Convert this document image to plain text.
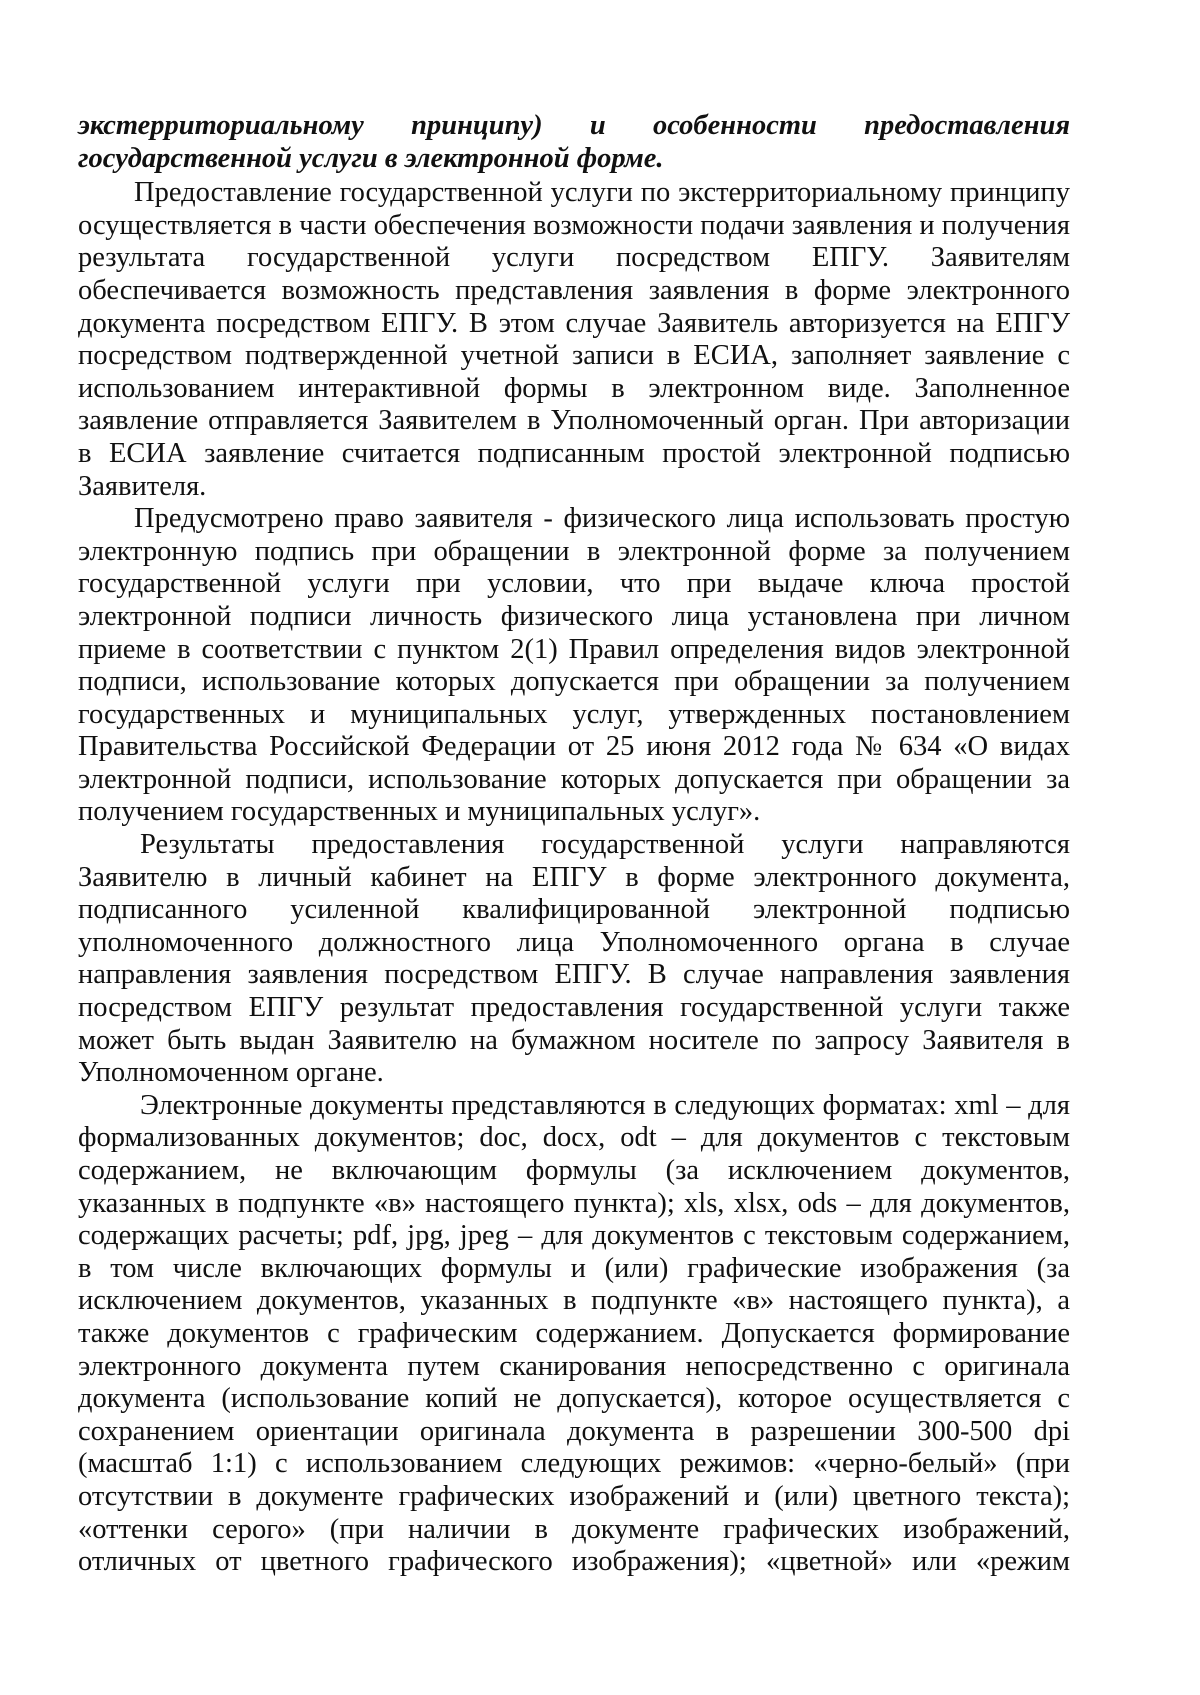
экстерриториальному принципу) и особенности предоставления
государственной услуги в электронной форме.

Предоставление государственной услуги по экстерриториальному принципу осуществляется в части обеспечения возможности подачи заявления и получения результата государственной услуги посредством ЕПГУ. Заявителям обеспечивается возможность представления заявления в форме электронного документа посредством ЕПГУ. В этом случае Заявитель авторизуется на ЕПГУ посредством подтвержденной учетной записи в ЕСИА, заполняет заявление с использованием интерактивной формы в электронном виде. Заполненное заявление отправляется Заявителем в Уполномоченный орган. При авторизации в ЕСИА заявление считается подписанным простой электронной подписью Заявителя.

Предусмотрено право заявителя - физического лица использовать простую электронную подпись при обращении в электронной форме за получением государственной услуги при условии, что при выдаче ключа простой электронной подписи личность физического лица установлена при личном приеме в соответствии с пунктом 2(1) Правил определения видов электронной подписи, использование которых допускается при обращении за получением государственных и муниципальных услуг, утвержденных постановлением Правительства Российской Федерации от 25 июня 2012 года № 634 «О видах электронной подписи, использование которых допускается при обращении за получением государственных и муниципальных услуг».

Результаты предоставления государственной услуги направляются Заявителю в личный кабинет на ЕПГУ в форме электронного документа, подписанного усиленной квалифицированной электронной подписью уполномоченного должностного лица Уполномоченного органа в случае направления заявления посредством ЕПГУ. В случае направления заявления посредством ЕПГУ результат предоставления государственной услуги также может быть выдан Заявителю на бумажном носителе по запросу Заявителя в Уполномоченном органе.

Электронные документы представляются в следующих форматах: xml – для формализованных документов; doc, docx, odt – для документов с текстовым содержанием, не включающим формулы (за исключением документов, указанных в подпункте «в» настоящего пункта); xls, xlsx, ods – для документов, содержащих расчеты; pdf, jpg, jpeg – для документов с текстовым содержанием, в том числе включающих формулы и (или) графические изображения (за исключением документов, указанных в подпункте «в» настоящего пункта), а также документов с графическим содержанием. Допускается формирование электронного документа путем сканирования непосредственно с оригинала документа (использование копий не допускается), которое осуществляется с сохранением ориентации оригинала документа в разрешении 300-500 dpi (масштаб 1:1) с использованием следующих режимов: «черно-белый» (при отсутствии в документе графических изображений и (или) цветного текста); «оттенки серого» (при наличии в документе графических изображений, отличных от цветного графического изображения); «цветной» или «режим
